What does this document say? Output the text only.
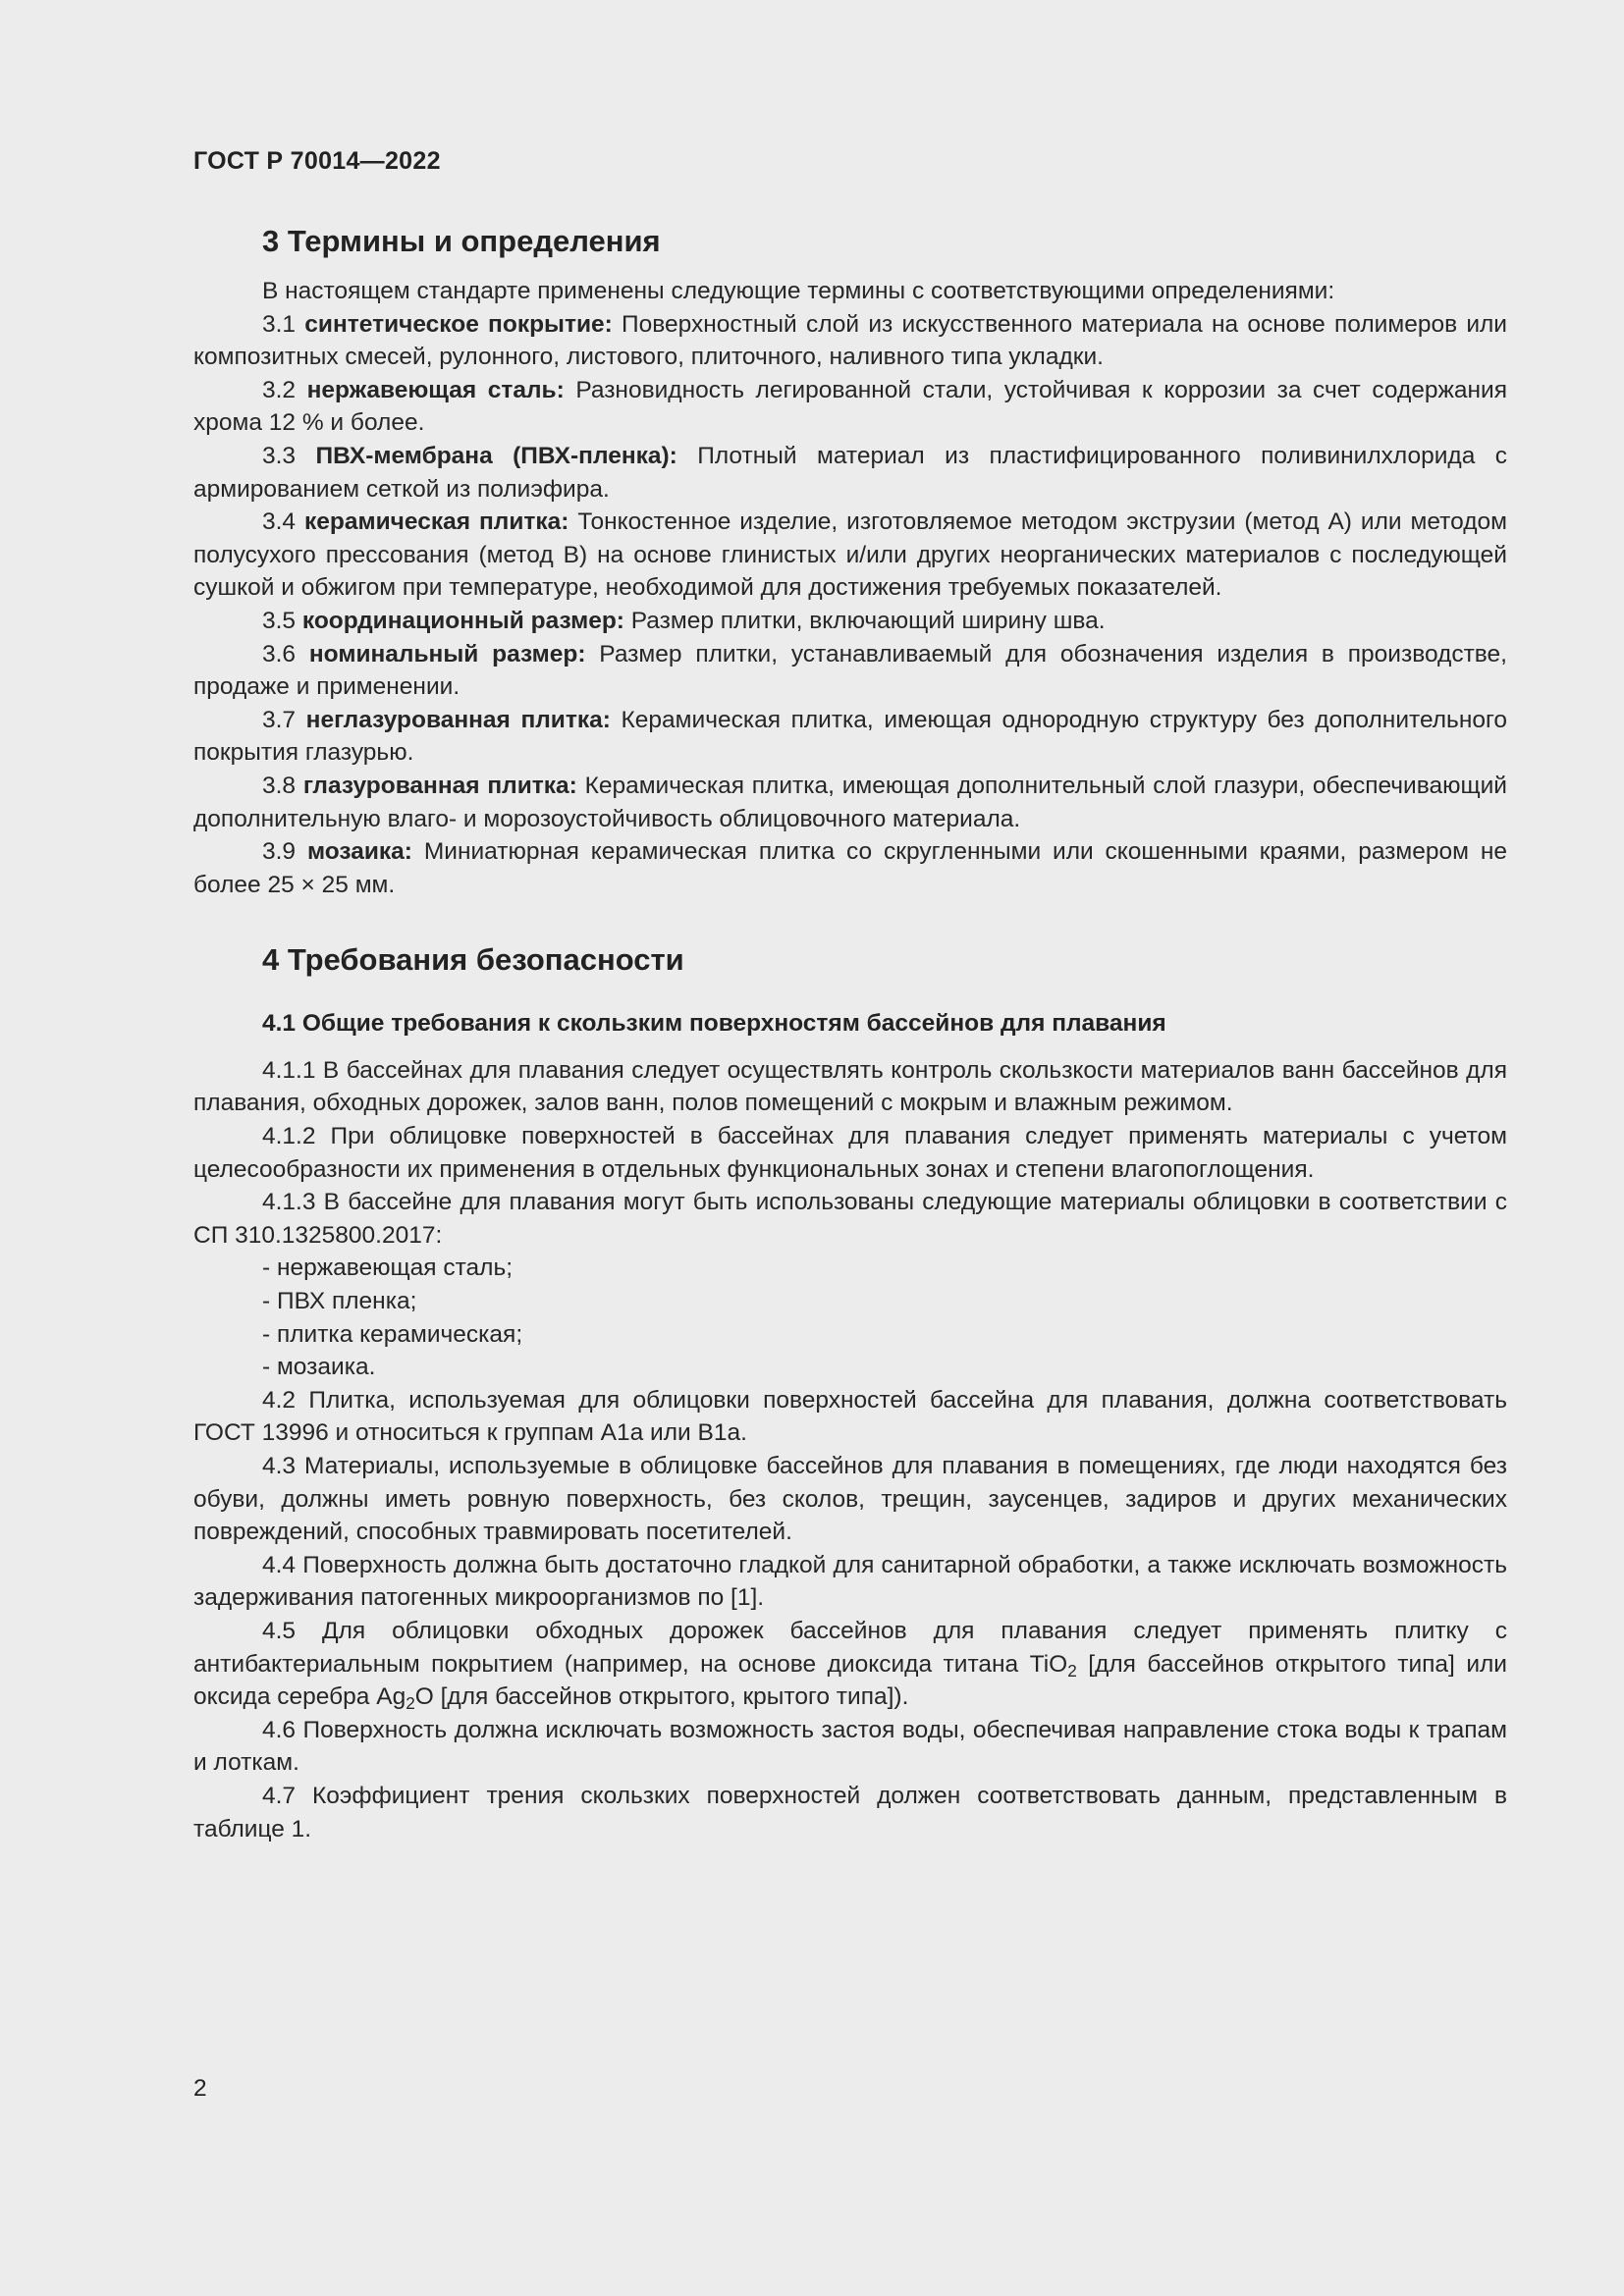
ГОСТ Р 70014—2022

3 Термины и определения

В настоящем стандарте применены следующие термины с соответствующими определениями:

3.1 синтетическое покрытие: Поверхностный слой из искусственного материала на основе полимеров или композитных смесей, рулонного, листового, плиточного, наливного типа укладки.

3.2 нержавеющая сталь: Разновидность легированной стали, устойчивая к коррозии за счет содержания хрома 12 % и более.

3.3 ПВХ-мембрана (ПВХ-пленка): Плотный материал из пластифицированного поливинилхлорида с армированием сеткой из полиэфира.

3.4 керамическая плитка: Тонкостенное изделие, изготовляемое методом экструзии (метод А) или методом полусухого прессования (метод В) на основе глинистых и/или других неорганических материалов с последующей сушкой и обжигом при температуре, необходимой для достижения требуемых показателей.

3.5 координационный размер: Размер плитки, включающий ширину шва.

3.6 номинальный размер: Размер плитки, устанавливаемый для обозначения изделия в производстве, продаже и применении.

3.7 неглазурованная плитка: Керамическая плитка, имеющая однородную структуру без дополнительного покрытия глазурью.

3.8 глазурованная плитка: Керамическая плитка, имеющая дополнительный слой глазури, обеспечивающий дополнительную влаго- и морозоустойчивость облицовочного материала.

3.9 мозаика: Миниатюрная керамическая плитка со скругленными или скошенными краями, размером не более 25 × 25 мм.

4 Требования безопасности

4.1 Общие требования к скользким поверхностям бассейнов для плавания

4.1.1 В бассейнах для плавания следует осуществлять контроль скользкости материалов ванн бассейнов для плавания, обходных дорожек, залов ванн, полов помещений с мокрым и влажным режимом.

4.1.2 При облицовке поверхностей в бассейнах для плавания следует применять материалы с учетом целесообразности их применения в отдельных функциональных зонах и степени влагопоглощения.

4.1.3 В бассейне для плавания могут быть использованы следующие материалы облицовки в соответствии с СП 310.1325800.2017:

- нержавеющая сталь;

- ПВХ пленка;

- плитка керамическая;

- мозаика.

4.2 Плитка, используемая для облицовки поверхностей бассейна для плавания, должна соответствовать ГОСТ 13996 и относиться к группам А1а или В1а.

4.3 Материалы, используемые в облицовке бассейнов для плавания в помещениях, где люди находятся без обуви, должны иметь ровную поверхность, без сколов, трещин, заусенцев, задиров и других механических повреждений, способных травмировать посетителей.

4.4 Поверхность должна быть достаточно гладкой для санитарной обработки, а также исключать возможность задерживания патогенных микроорганизмов по [1].

4.5 Для облицовки обходных дорожек бассейнов для плавания следует применять плитку с антибактериальным покрытием (например, на основе диоксида титана TiO$_2$ [для бассейнов открытого типа] или оксида серебра $Ag_2O$ [для бассейнов открытого, крытого типа]).

4.6 Поверхность должна исключать возможность застоя воды, обеспечивая направление стока воды к трапам и лоткам.

4.7 Коэффициент трения скользких поверхностей должен соответствовать данным, представленным в таблице 1.

2
